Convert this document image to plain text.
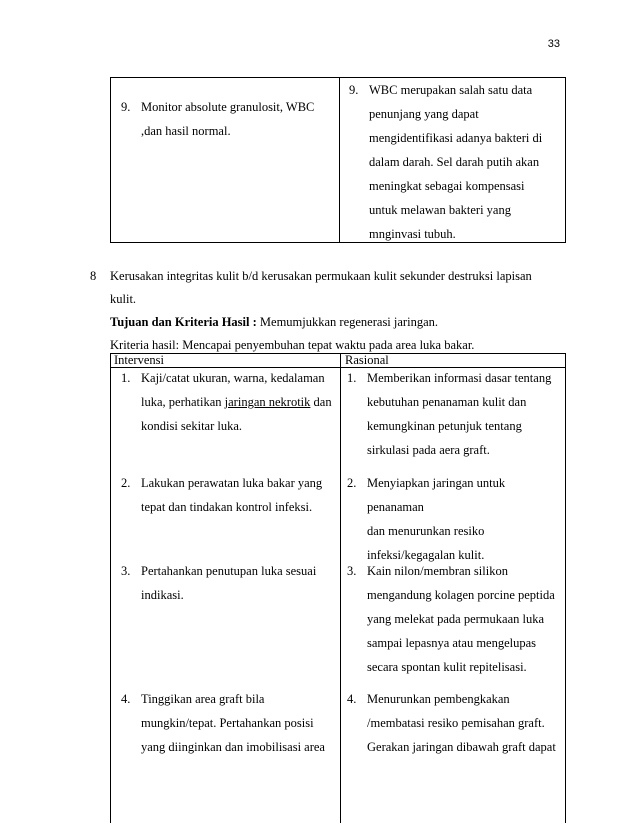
33
9. Monitor absolute granulosit, WBC
,dan hasil normal.
9. WBC merupakan salah satu data
penunjang yang dapat
mengidentifikasi adanya bakteri di
dalam darah. Sel darah putih akan
meningkat sebagai kompensasi
untuk melawan bakteri yang
mnginvasi tubuh.
8 Kerusakan integritas kulit b/d kerusakan permukaan kulit sekunder destruksi lapisan
kulit.
Tujuan dan Kriteria Hasil : Memumjukkan regenerasi jaringan.
Kriteria hasil: Mencapai penyembuhan tepat waktu pada area luka bakar.
Intervensi	Rasional
1. Kaji/catat ukuran, warna, kedalaman
luka, perhatikan jaringan nekrotik dan
kondisi sekitar luka.
1. Memberikan informasi dasar tentang
kebutuhan penanaman kulit dan
kemungkinan petunjuk tentang
sirkulasi pada aera graft.
2. Lakukan perawatan luka bakar yang
tepat dan tindakan kontrol infeksi.
2. Menyiapkan jaringan untuk penanaman
dan menurunkan resiko
infeksi/kegagalan kulit.
3. Pertahankan penutupan luka sesuai
indikasi.
3. Kain nilon/membran silikon
mengandung kolagen porcine peptida
yang melekat pada permukaan luka
sampai lepasnya atau mengelupas
secara spontan kulit repitelisasi.
4. Tinggikan area graft bila
mungkin/tepat. Pertahankan posisi
yang diinginkan dan imobilisasi area
4. Menurunkan pembengkakan
/membatasi resiko pemisahan graft.
Gerakan jaringan dibawah graft dapat
